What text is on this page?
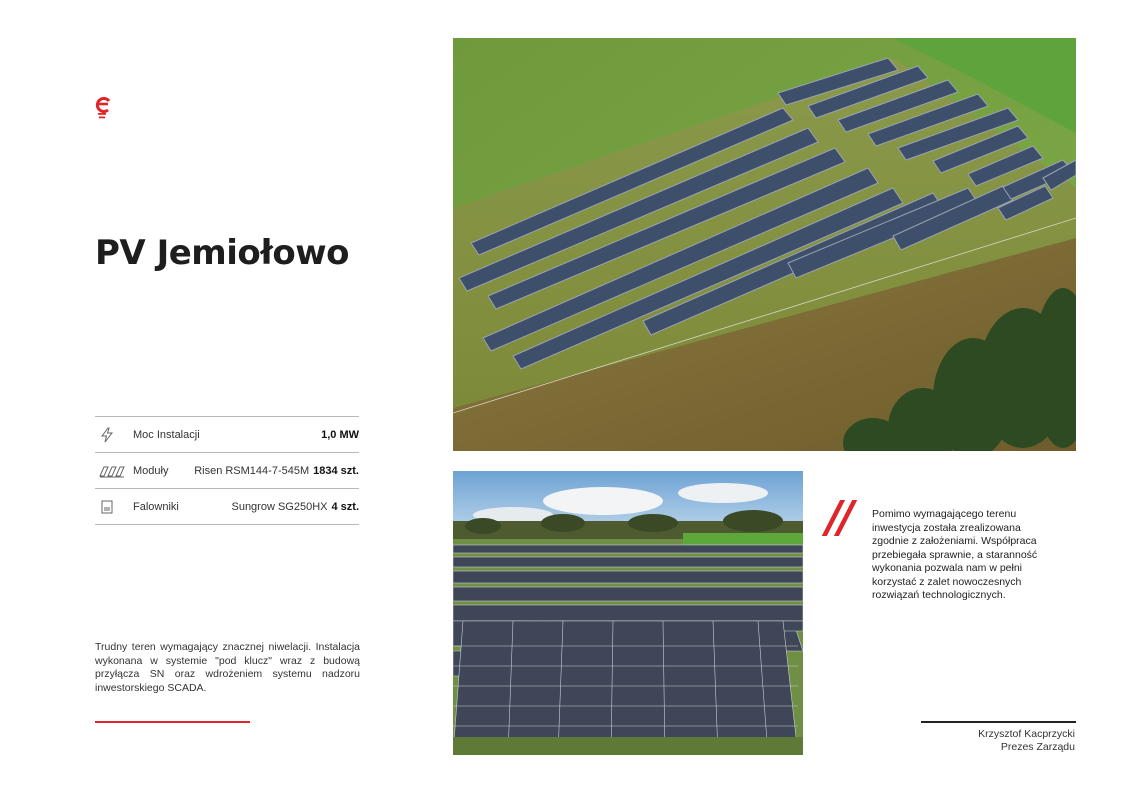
PV Jemiołowo
Moc Instalacji	1,0 MW
Moduły	Risen RSM144-7-545M 1834 szt.
Falowniki	Sungrow SG250HX 4 szt.

Trudny teren wymagający znacznej niwelacji. Instalacja wykonana w systemie "pod klucz" wraz z budową przyłącza SN oraz wdrożeniem systemu nadzoru inwestorskiego SCADA.

// Pomimo wymagającego terenu inwestycja została zrealizowana zgodnie z założeniami. Współpraca przebiegała sprawnie, a staranność wykonania pozwala nam w pełni korzystać z zalet nowoczesnych rozwiązań technologicznych.

Krzysztof Kacprzycki
Prezes Zarządu
